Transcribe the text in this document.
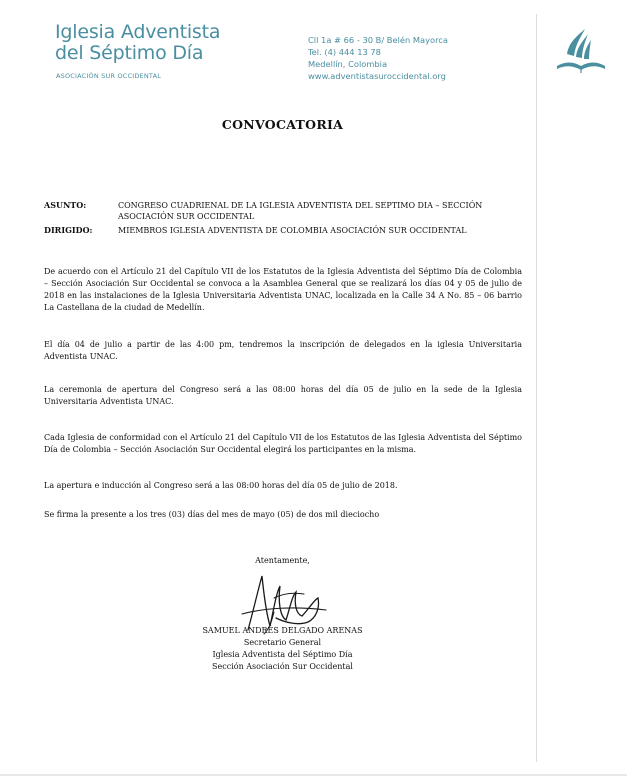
Iglesia Adventista
del Séptimo Día
ASOCIACIÓN SUR OCCIDENTAL
Cll 1a # 66 - 30 B/ Belén Mayorca
Tel. (4) 444 13 78
Medellín, Colombia
www.adventistasuroccidental.org
CONVOCATORIA
ASUNTO:	CONGRESO CUADRIENAL DE LA IGLESIA ADVENTISTA DEL SEPTIMO DIA – SECCIÓN ASOCIACIÓN SUR OCCIDENTAL
DIRIGIDO:	MIEMBROS IGLESIA ADVENTISTA DE COLOMBIA ASOCIACIÓN SUR OCCIDENTAL
De acuerdo con el Artículo 21 del Capítulo VII de los Estatutos de la Iglesia Adventista del Séptimo Día de Colombia – Sección Asociación Sur Occidental se convoca a la Asamblea General que se realizará los días 04 y 05 de julio de 2018 en las instalaciones de la Iglesia Universitaria Adventista UNAC, localizada en la Calle 34 A No. 85 – 06 barrio La Castellana de la ciudad de Medellín.
El día 04 de julio a partir de las 4:00 pm, tendremos la inscripción de delegados en la iglesia Universitaria Adventista UNAC.
La ceremonia de apertura del Congreso será a las 08:00 horas del día 05 de julio en la sede de la Iglesia Universitaria Adventista UNAC.
Cada Iglesia de conformidad con el Artículo 21 del Capítulo VII de los Estatutos de las Iglesia Adventista del Séptimo Día de Colombia – Sección Asociación Sur Occidental elegirá los participantes en la misma.
La apertura e inducción al Congreso será a las 08:00 horas del día 05 de julio de 2018.
Se firma la presente a los tres (03) días del mes de mayo (05) de dos mil dieciocho
Atentamente,
SAMUEL ANDRÉS DELGADO ARENAS
Secretario General
Iglesia Adventista del Séptimo Día
Sección Asociación Sur Occidental
